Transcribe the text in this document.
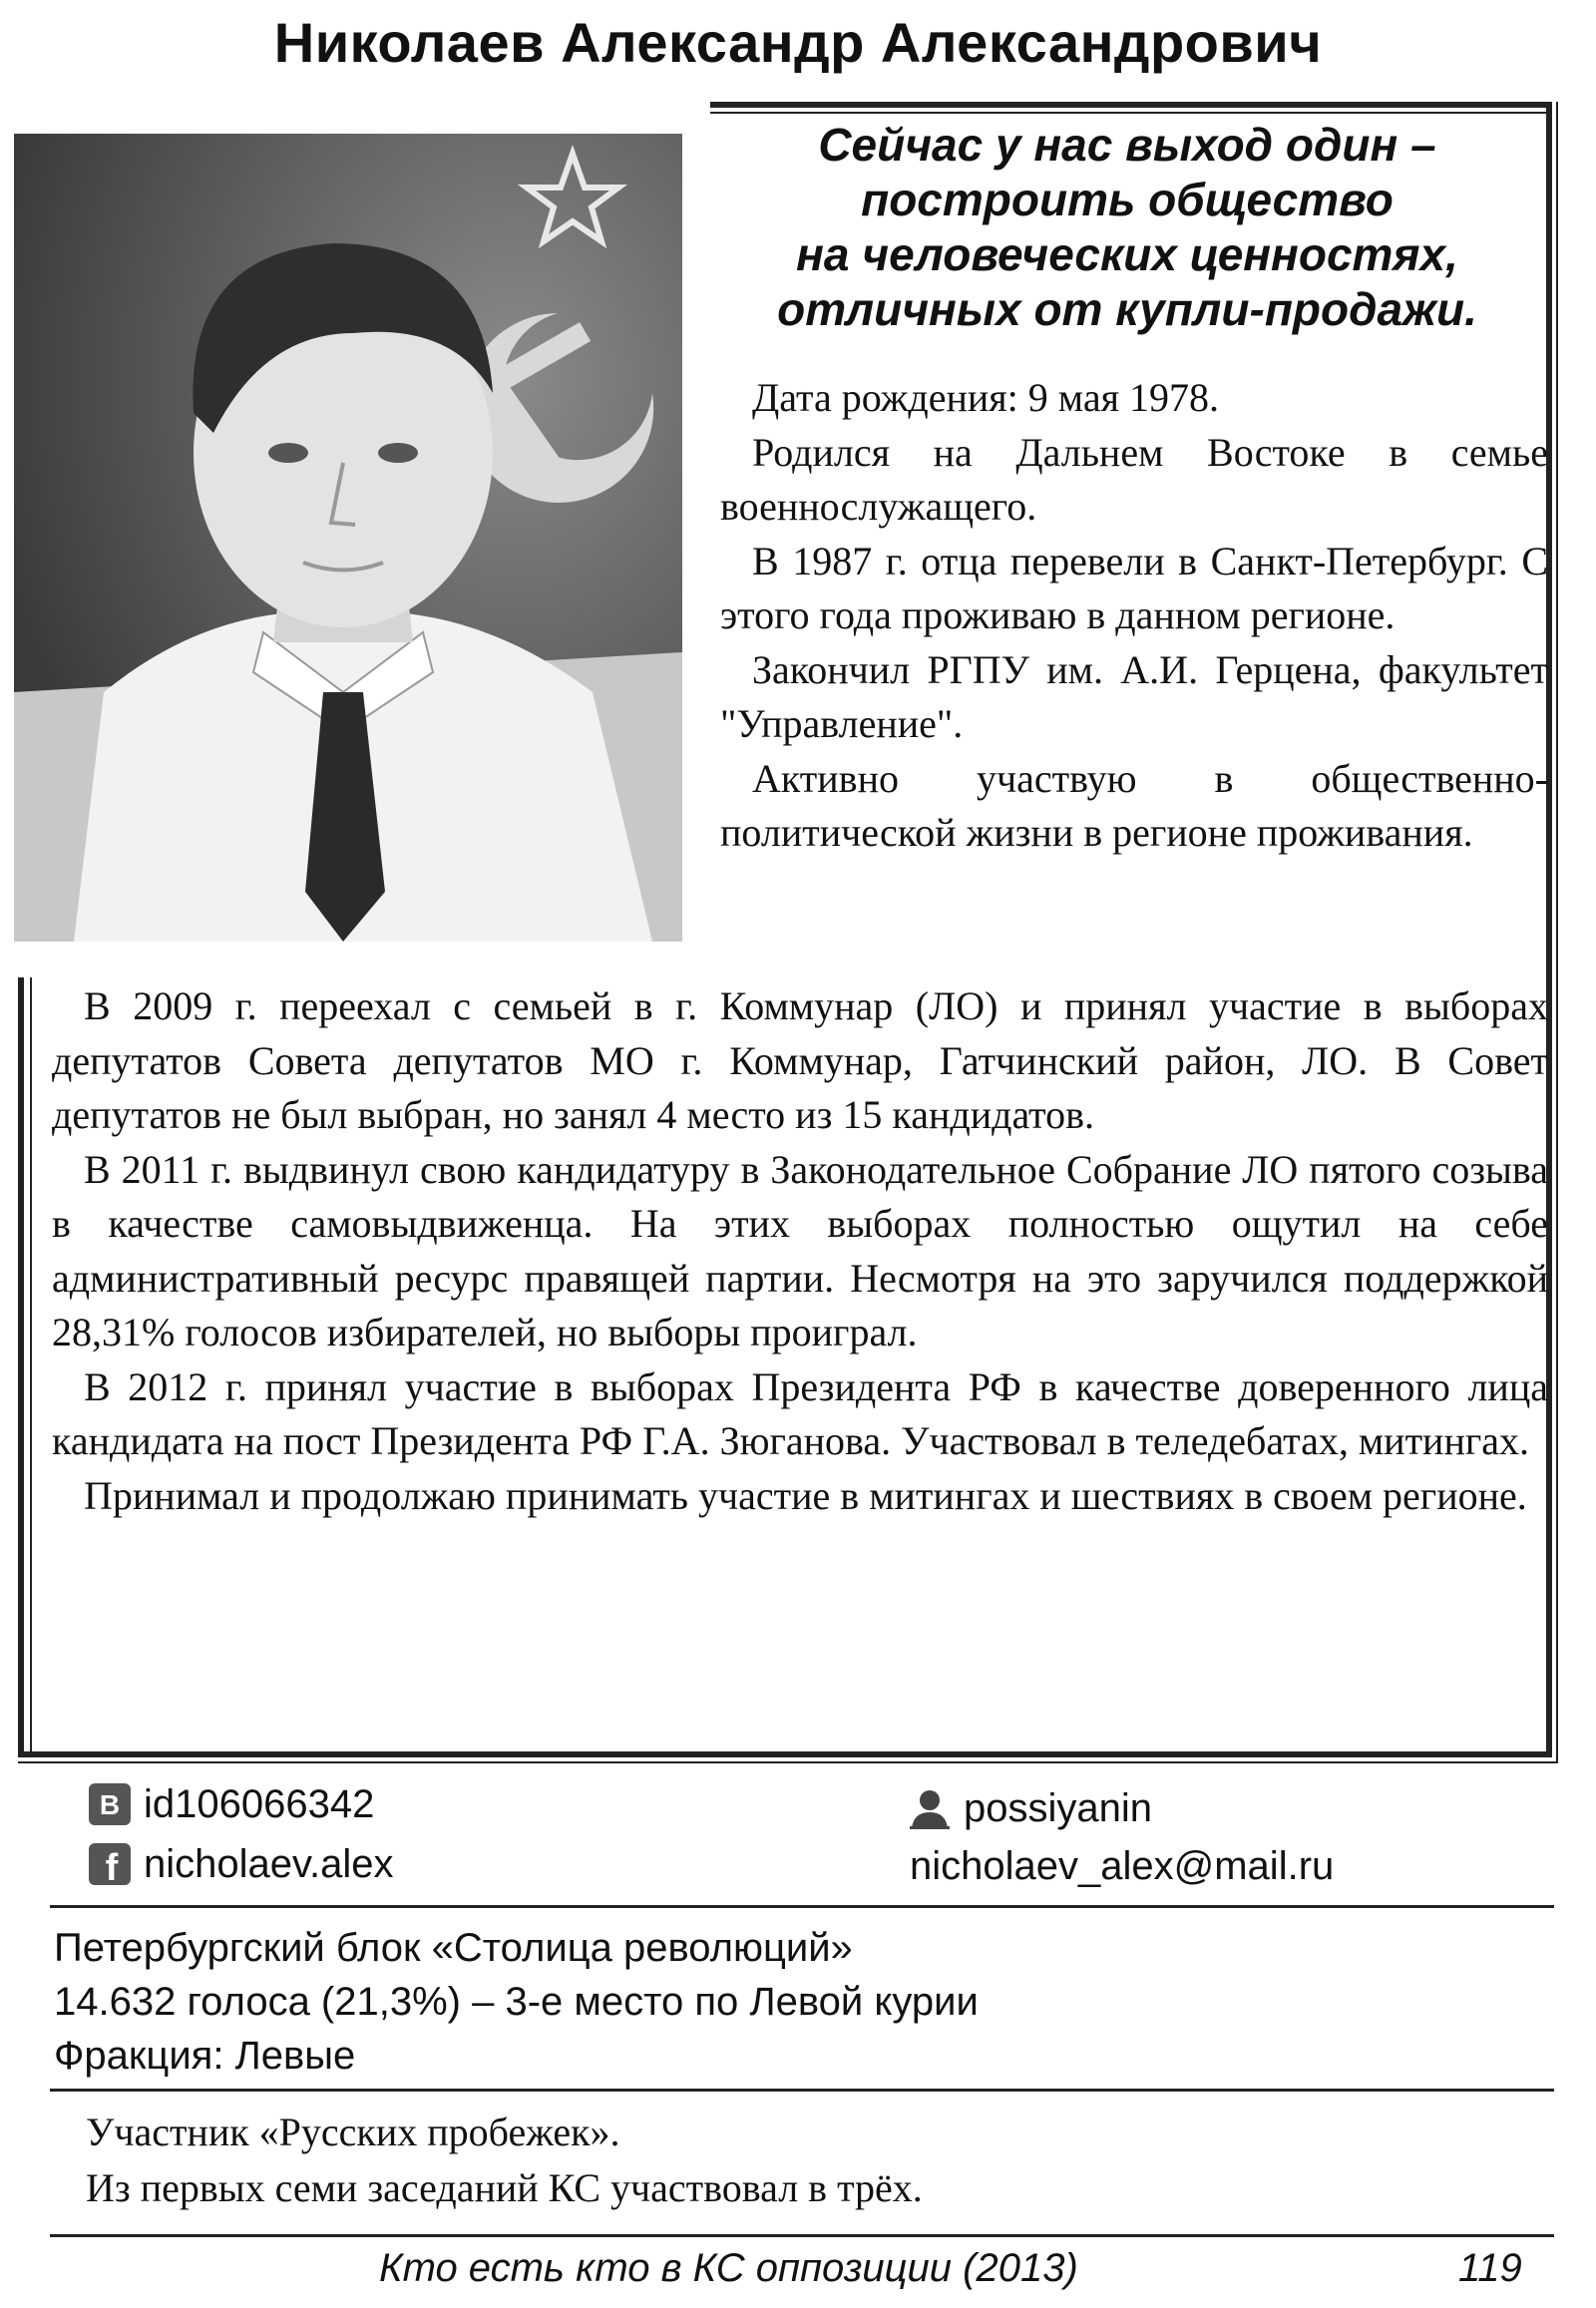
Николаев Александр Александрович
Сейчас у нас выход один –
построить общество
на человеческих ценностях,
отличных от купли-продажи.

Дата рождения: 9 мая 1978.

Родился на Дальнем Востоке в семье военнослужащего.

В 1987 г. отца перевели в Санкт-Петербург. С этого года проживаю в данном регионе.

Закончил РГПУ им. А.И. Герцена, факультет "Управление".

Активно участвую в общественно-политической жизни в регионе проживания.

В 2009 г. переехал с семьей в г. Коммунар (ЛО) и принял участие в выборах депутатов Совета депутатов МО г. Коммунар, Гатчинский район, ЛО. В Совет депутатов не был выбран, но занял 4 место из 15 кандидатов.

В 2011 г. выдвинул свою кандидатуру в Законодательное Собрание ЛО пятого созыва в качестве самовыдвиженца. На этих выборах полностью ощутил на себе административный ресурс правящей партии. Несмотря на это заручился поддержкой 28,31% голосов избирателей, но выборы проиграл.

В 2012 г. принял участие в выборах Президента РФ в качестве доверенного лица кандидата на пост Президента РФ Г.А. Зюганова. Участвовал в теледебатах, митингах.

Принимал и продолжаю принимать участие в митингах и шествиях в своем регионе.

B id106066342
f nicholaev.alex
possiyanin
nicholaev_alex@mail.ru
Петербургский блок «Столица революций»
14.632 голоса (21,3%) – 3-е место по Левой курии
Фракция: Левые
Участник «Русских пробежек».
Из первых семи заседаний КС участвовал в трёх.
Кто есть кто в КС оппозиции (2013)	119
